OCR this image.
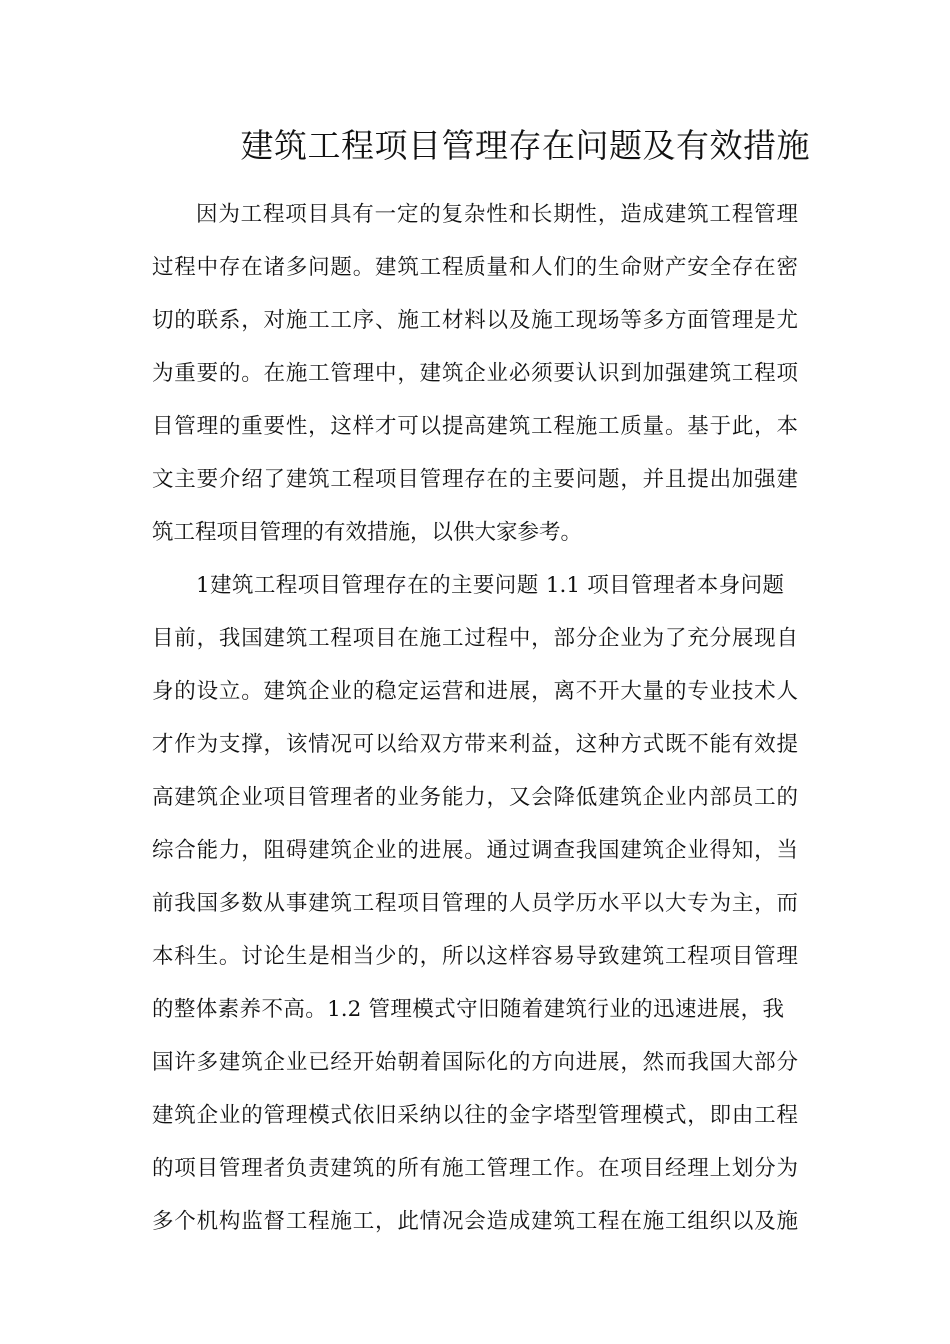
建筑工程项目管理存在问题及有效措施
因为工程项目具有一定的复杂性和长期性，造成建筑工程管理
过程中存在诸多问题。建筑工程质量和人们的生命财产安全存在密
切的联系，对施工工序、施工材料以及施工现场等多方面管理是尤
为重要的。在施工管理中，建筑企业必须要认识到加强建筑工程项
目管理的重要性，这样才可以提高建筑工程施工质量。基于此，本
文主要介绍了建筑工程项目管理存在的主要问题，并且提出加强建
筑工程项目管理的有效措施，以供大家参考。
1建筑工程项目管理存在的主要问题 1.1 项目管理者本身问题
目前，我国建筑工程项目在施工过程中，部分企业为了充分展现自
身的设立。建筑企业的稳定运营和进展，离不开大量的专业技术人
才作为支撑，该情况可以给双方带来利益，这种方式既不能有效提
高建筑企业项目管理者的业务能力，又会降低建筑企业内部员工的
综合能力，阻碍建筑企业的进展。通过调查我国建筑企业得知，当
前我国多数从事建筑工程项目管理的人员学历水平以大专为主，而
本科生。讨论生是相当少的，所以这样容易导致建筑工程项目管理
的整体素养不高。1.2 管理模式守旧随着建筑行业的迅速进展，我
国许多建筑企业已经开始朝着国际化的方向进展，然而我国大部分
建筑企业的管理模式依旧采纳以往的金字塔型管理模式，即由工程
的项目管理者负责建筑的所有施工管理工作。在项目经理上划分为
多个机构监督工程施工，此情况会造成建筑工程在施工组织以及施
